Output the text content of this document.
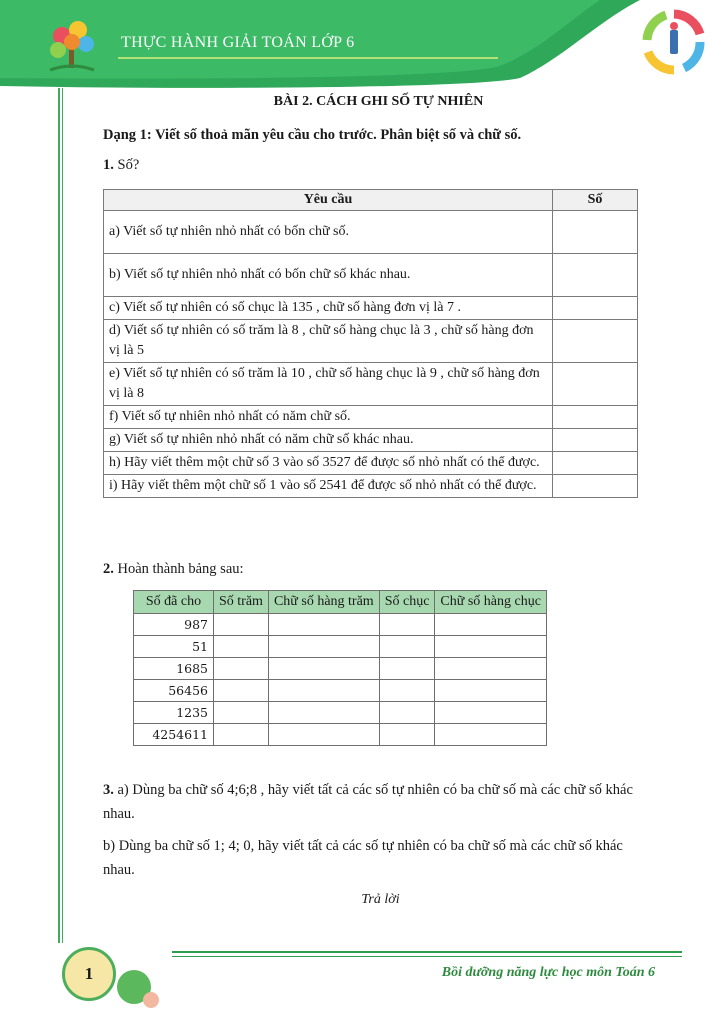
THỰC HÀNH GIẢI TOÁN LỚP 6
BÀI 2. CÁCH GHI SỐ TỰ NHIÊN
Dạng 1: Viết số thoả mãn yêu cầu cho trước. Phân biệt số và chữ số.
1. Số?
Yêu cầu	Số
a) Viết số tự nhiên nhỏ nhất có bốn chữ số.	
b) Viết số tự nhiên nhỏ nhất có bốn chữ số khác nhau.	
c) Viết số tự nhiên có số chục là 135 , chữ số hàng đơn vị là 7 .	
d) Viết số tự nhiên có số trăm là 8 , chữ số hàng chục là 3 , chữ số hàng đơn vị là 5	
e) Viết số tự nhiên có số trăm là 10 , chữ số hàng chục là 9 , chữ số hàng đơn vị là 8	
f) Viết số tự nhiên nhỏ nhất có năm chữ số.	
g) Viết số tự nhiên nhỏ nhất có năm chữ số khác nhau.	
h) Hãy viết thêm một chữ số 3 vào số 3527 để được số nhỏ nhất có thể được.	
i) Hãy viết thêm một chữ số 1 vào số 2541 để được số nhỏ nhất có thể được.	
2. Hoàn thành bảng sau:
Số đã cho	Số trăm	Chữ số hàng trăm	Số chục	Chữ số hàng chục
987				
51				
1685				
56456				
1235				
4254611				
3. a) Dùng ba chữ số 4;6;8 , hãy viết tất cả các số tự nhiên có ba chữ số mà các chữ số khác nhau.
b) Dùng ba chữ số 1; 4; 0, hãy viết tất cả các số tự nhiên có ba chữ số mà các chữ số khác nhau.
Trả lời
1	Bồi dưỡng năng lực học môn Toán 6
